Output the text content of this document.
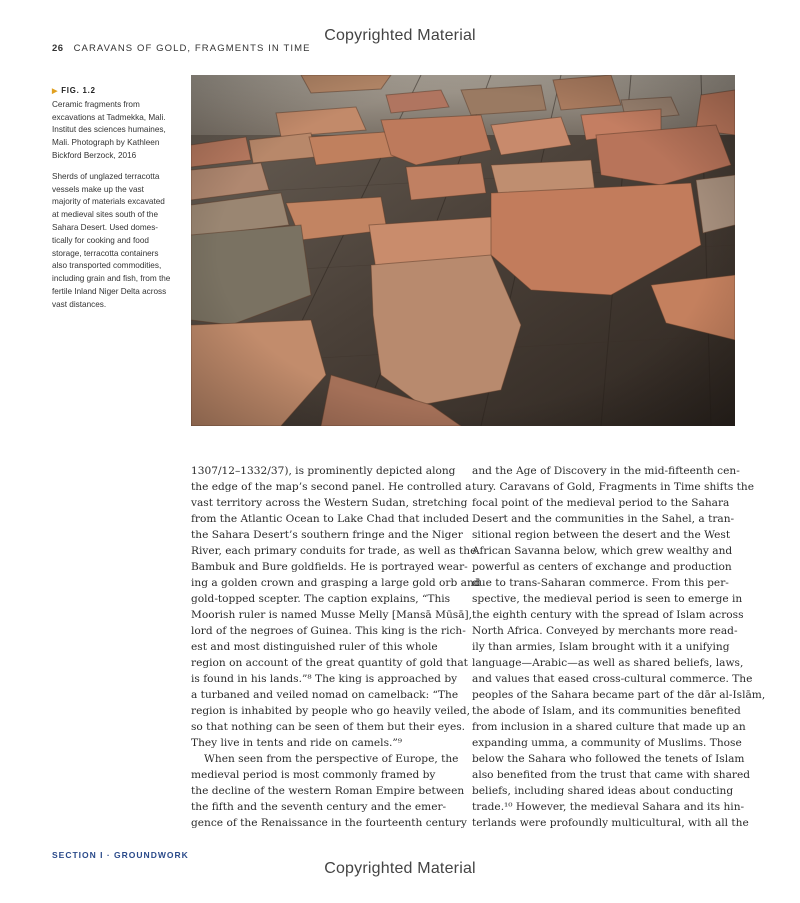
Copyrighted Material
26 CARAVANS OF GOLD, FRAGMENTS IN TIME
▶ FIG. 1.2

Ceramic fragments from
excavations at Tadmekka, Mali.
Institut des sciences humaines,
Mali. Photograph by Kathleen
Bickford Berzock, 2016

Sherds of unglazed terracotta
vessels make up the vast
majority of materials excavated
at medieval sites south of the
Sahara Desert. Used domes-
tically for cooking and food
storage, terracotta containers
also transported commodities,
including grain and fish, from the
fertile Inland Niger Delta across
vast distances.

1307/12–1332/37), is prominently depicted along
the edge of the map’s second panel. He controlled a
vast territory across the Western Sudan, stretching
from the Atlantic Ocean to Lake Chad that included
the Sahara Desert’s southern fringe and the Niger
River, each primary conduits for trade, as well as the
Bambuk and Bure goldfields. He is portrayed wear-
ing a golden crown and grasping a large gold orb and
gold-topped scepter. The caption explains, “This
Moorish ruler is named Musse Melly [Mansā Mūsā],
lord of the negroes of Guinea. This king is the rich-
est and most distinguished ruler of this whole
region on account of the great quantity of gold that
is found in his lands.”⁸ The king is approached by
a turbaned and veiled nomad on camelback: “The
region is inhabited by people who go heavily veiled,
so that nothing can be seen of them but their eyes.
They live in tents and ride on camels.”⁹
When seen from the perspective of Europe, the
medieval period is most commonly framed by
the decline of the western Roman Empire between
the fifth and the seventh century and the emer-
gence of the Renaissance in the fourteenth century
and the Age of Discovery in the mid-fifteenth cen-
tury. Caravans of Gold, Fragments in Time shifts the
focal point of the medieval period to the Sahara
Desert and the communities in the Sahel, a tran-
sitional region between the desert and the West
African Savanna below, which grew wealthy and
powerful as centers of exchange and production
due to trans-Saharan commerce. From this per-
spective, the medieval period is seen to emerge in
the eighth century with the spread of Islam across
North Africa. Conveyed by merchants more read-
ily than armies, Islam brought with it a unifying
language—Arabic—as well as shared beliefs, laws,
and values that eased cross-cultural commerce. The
peoples of the Sahara became part of the dār al-Islām,
the abode of Islam, and its communities benefited
from inclusion in a shared culture that made up an
expanding umma, a community of Muslims. Those
below the Sahara who followed the tenets of Islam
also benefited from the trust that came with shared
beliefs, including shared ideas about conducting
trade.¹⁰ However, the medieval Sahara and its hin-
terlands were profoundly multicultural, with all the
SECTION I · GROUNDWORK
Copyrighted Material
